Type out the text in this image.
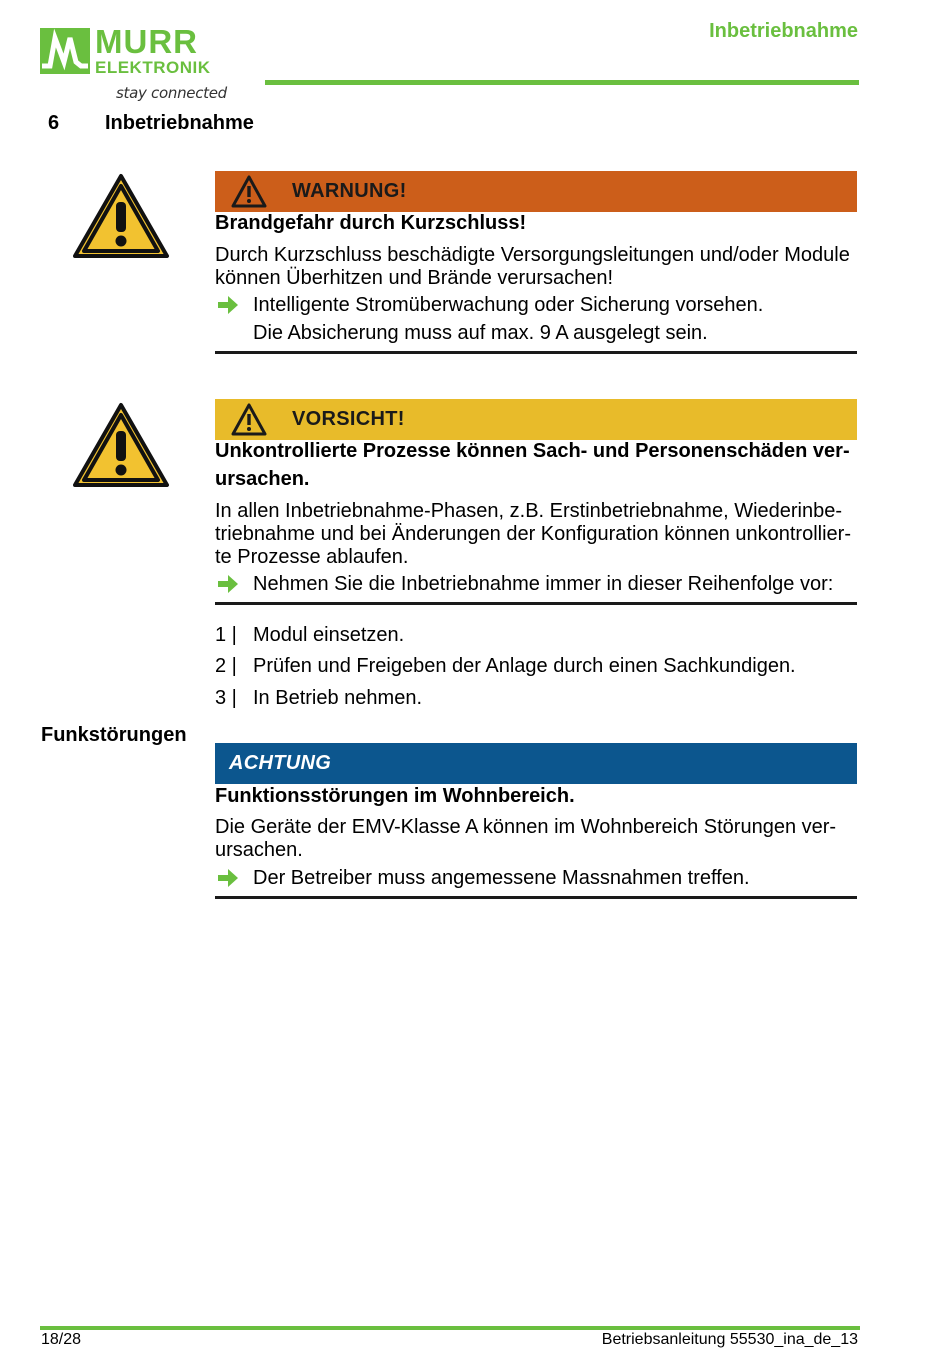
MURR
ELEKTRONIK
stay connected
Inbetriebnahme
6 Inbetriebnahme
WARNUNG!
Brandgefahr durch Kurzschluss!
Durch Kurzschluss beschädigte Versorgungsleitungen und/oder Module
können Überhitzen und Brände verursachen!
Intelligente Stromüberwachung oder Sicherung vorsehen.
Die Absicherung muss auf max. 9 A ausgelegt sein.
VORSICHT!
Unkontrollierte Prozesse können Sach- und Personenschäden ver-
ursachen.
In allen Inbetriebnahme-Phasen, z.B. Erstinbetriebnahme, Wiederinbe-
triebnahme und bei Änderungen der Konfiguration können unkontrollier-
te Prozesse ablaufen.
Nehmen Sie die Inbetriebnahme immer in dieser Reihenfolge vor:
1 | Modul einsetzen.
2 | Prüfen und Freigeben der Anlage durch einen Sachkundigen.
3 | In Betrieb nehmen.
Funkstörungen
ACHTUNG
Funktionsstörungen im Wohnbereich.
Die Geräte der EMV-Klasse A können im Wohnbereich Störungen ver-
ursachen.
Der Betreiber muss angemessene Massnahmen treffen.
18/28	Betriebsanleitung 55530_ina_de_13
